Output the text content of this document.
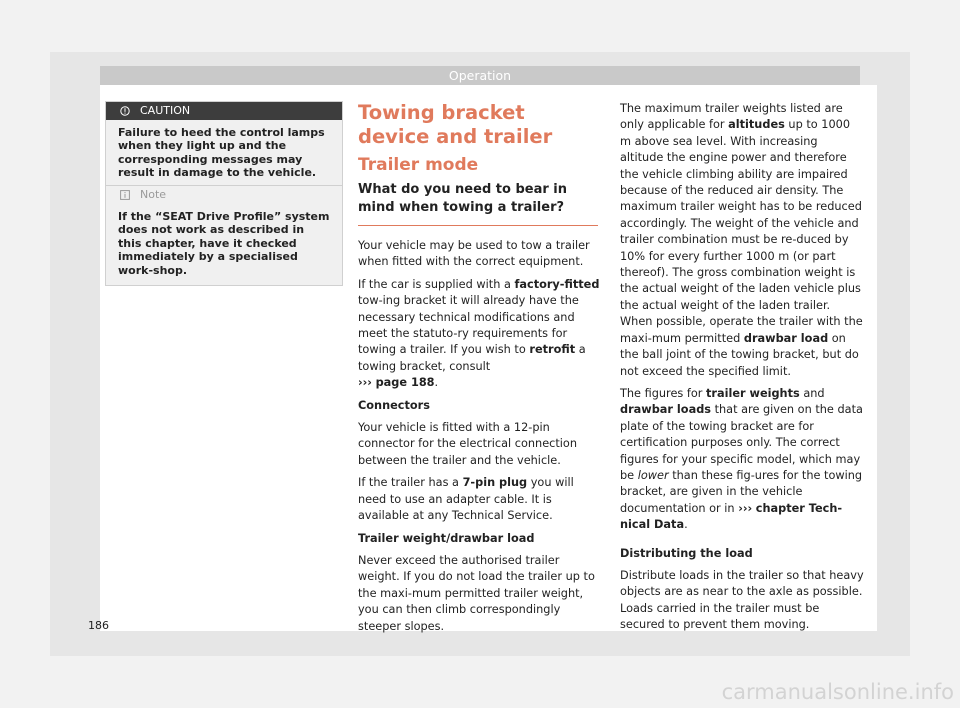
Operation
CAUTION
Failure to heed the control lamps when they light up and the corresponding messages may result in damage to the vehicle.
Note
If the “SEAT Drive Profile” system does not work as described in this chapter, have it checked immediately by a specialised work-shop.
Towing bracket device and trailer
Trailer mode
What do you need to bear in mind when towing a trailer?

Your vehicle may be used to tow a trailer when fitted with the correct equipment.

If the car is supplied with a factory-fitted tow-ing bracket it will already have the necessary technical modifications and meet the statuto-ry requirements for towing a trailer. If you wish to retrofit a towing bracket, consult
››› page 188.

Connectors

Your vehicle is fitted with a 12-pin connector for the electrical connection between the trailer and the vehicle.

If the trailer has a 7-pin plug you will need to use an adapter cable. It is available at any Technical Service.

Trailer weight/drawbar load

Never exceed the authorised trailer weight. If you do not load the trailer up to the maxi-mum permitted trailer weight, you can then climb correspondingly steeper slopes.

The maximum trailer weights listed are only applicable for altitudes up to 1000 m above sea level. With increasing altitude the engine power and therefore the vehicle climbing ability are impaired because of the reduced air density. The maximum trailer weight has to be reduced accordingly. The weight of the vehicle and trailer combination must be re-duced by 10% for every further 1000 m (or part thereof). The gross combination weight is the actual weight of the laden vehicle plus the actual weight of the laden trailer. When possible, operate the trailer with the maxi-mum permitted drawbar load on the ball joint of the towing bracket, but do not exceed the specified limit.

The figures for trailer weights and drawbar loads that are given on the data plate of the towing bracket are for certification purposes only. The correct figures for your specific model, which may be lower than these fig-ures for the towing bracket, are given in the vehicle documentation or in ››› chapter Tech-nical Data.

Distributing the load

Distribute loads in the trailer so that heavy objects are as near to the axle as possible. Loads carried in the trailer must be secured to prevent them moving.

186
carmanualsonline.info
